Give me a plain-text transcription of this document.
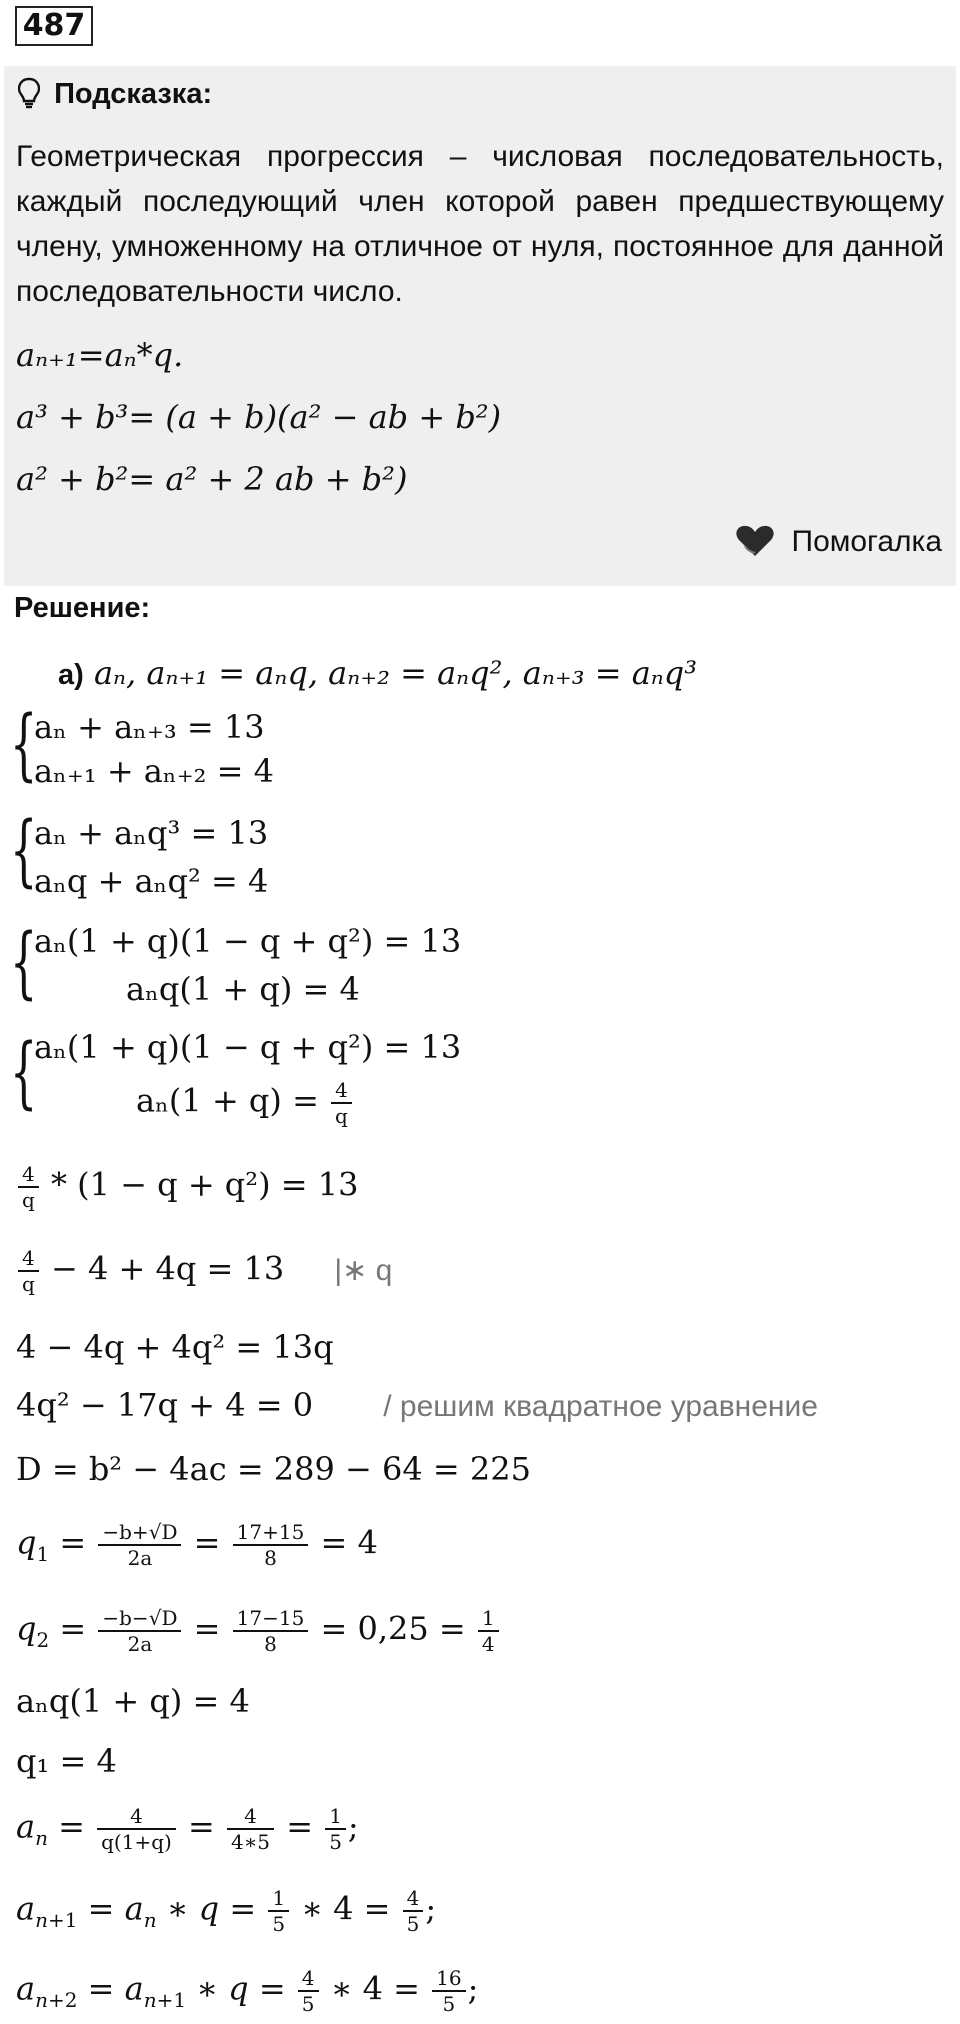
487
Подсказка:
Геометрическая прогрессия – числовая последовательность, каждый последующий член которой равен предшествующему члену, умноженному на отличное от нуля, постоянное для данной последовательности число.
aₙ₊₁=aₙ*q.
a³ + b³= (a + b)(a² − ab + b²)
a² + b²= a² + 2 ab + b²)
Помогалка
Решение:
а) aₙ, aₙ₊₁ = aₙq, aₙ₊₂ = aₙq², aₙ₊₃ = aₙq³
{
aₙ + aₙ₊₃ = 13
aₙ₊₁ + aₙ₊₂ = 4
{
aₙ + aₙq³ = 13
aₙq + aₙq² = 4
{
aₙ(1 + q)(1 − q + q²) = 13
aₙq(1 + q) = 4
{
aₙ(1 + q)(1 − q + q²) = 13
$a_n(1 + q) = \frac{4}{q}$
$\frac{4}{q} * (1 - q + q^2) = 13$
$\frac{4}{q} - 4 + 4q = 13$ |∗ q
4 − 4q + 4q² = 13q
4q² − 17q + 4 = 0 / решим квадратное уравнение
D = b² − 4ac = 289 − 64 = 225
$q_1 = \frac{-b+√D}{2a} = \frac{17+15}{8} = 4$
$q_2 = \frac{-b-√D}{2a} = \frac{17-15}{8} = 0,25 = \frac{1}{4}$
aₙq(1 + q) = 4
q₁ = 4
$a_n = \frac{4}{q(1+q)} = \frac{4}{4∗5} = \frac{1}{5}$ ;
$a_{n+1} = a_n$ ∗ $q = \frac{1}{5}$ ∗ $4 = \frac{4}{5}$ ;
$a_{n+2} = a_{n+1}$ ∗ $q = \frac{4}{5}$ ∗ $4 = \frac{16}{5}$ ;
